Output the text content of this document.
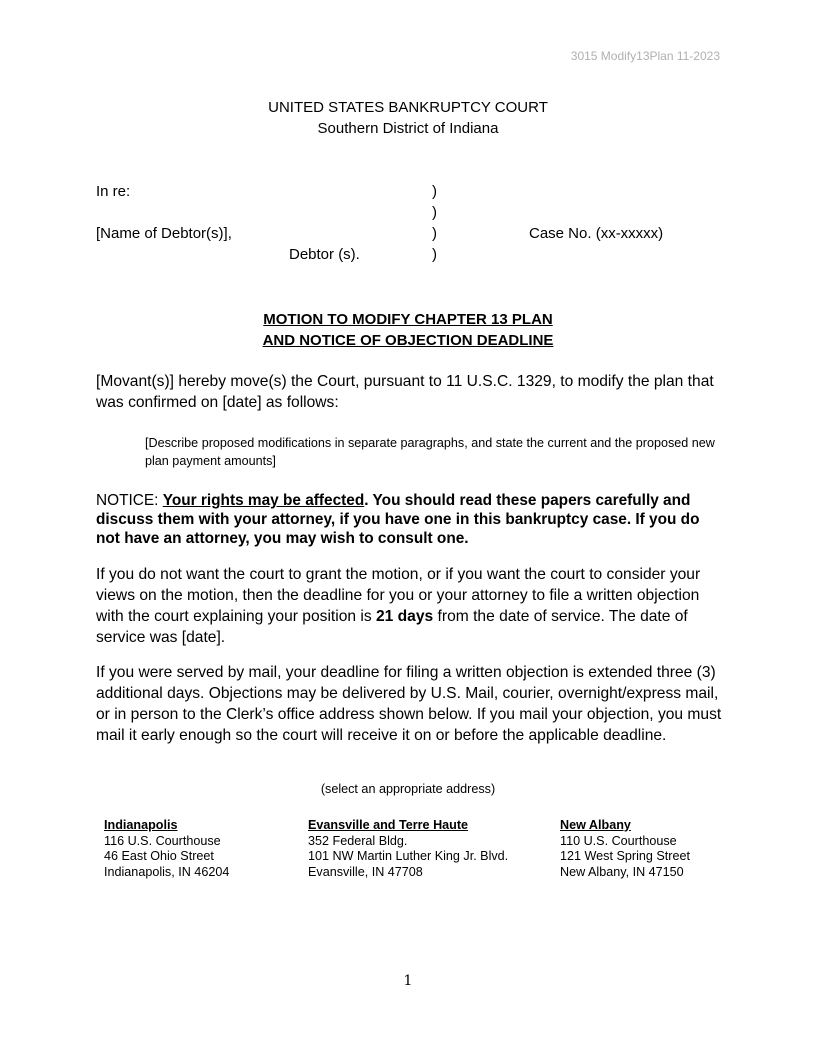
3015 Modify13Plan 11-2023
UNITED STATES BANKRUPTCY COURT
Southern District of Indiana
In re:
[Name of Debtor(s)],
Debtor (s).
)
)
)
)
Case No. (xx-xxxxx)
MOTION TO MODIFY CHAPTER 13 PLAN
AND NOTICE OF OBJECTION DEADLINE
[Movant(s)] hereby move(s) the Court, pursuant to 11 U.S.C. 1329, to modify the plan that was confirmed on [date] as follows:
[Describe proposed modifications in separate paragraphs, and state the current and the proposed new plan payment amounts]
NOTICE: Your rights may be affected. You should read these papers carefully and discuss them with your attorney, if you have one in this bankruptcy case. If you do not have an attorney, you may wish to consult one.
If you do not want the court to grant the motion, or if you want the court to consider your views on the motion, then the deadline for you or your attorney to file a written objection with the court explaining your position is 21 days from the date of service. The date of service was [date].
If you were served by mail, your deadline for filing a written objection is extended three (3) additional days. Objections may be delivered by U.S. Mail, courier, overnight/express mail, or in person to the Clerk’s office address shown below. If you mail your objection, you must mail it early enough so the court will receive it on or before the applicable deadline.
(select an appropriate address)
Indianapolis
116 U.S. Courthouse
46 East Ohio Street
Indianapolis, IN 46204
Evansville and Terre Haute
352 Federal Bldg.
101 NW Martin Luther King Jr. Blvd.
Evansville, IN 47708
New Albany
110 U.S. Courthouse
121 West Spring Street
New Albany, IN 47150
1
